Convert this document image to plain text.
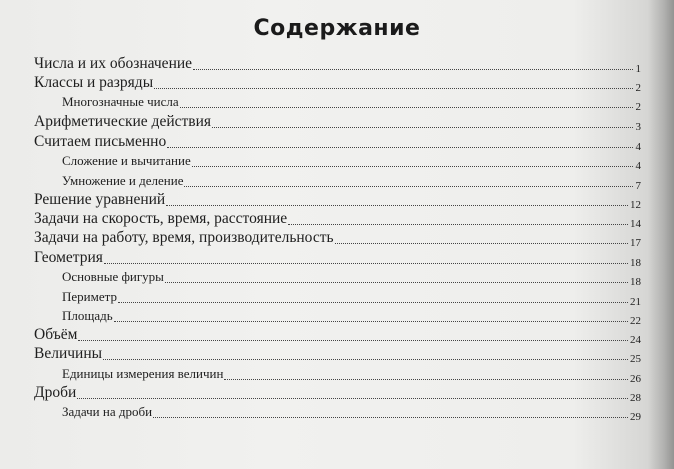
Содержание
Числа и их обозначение	1
Классы и разряды	2
Многозначные числа	2
Арифметические действия	3
Считаем письменно	4
Сложение и вычитание	4
Умножение и деление	7
Решение уравнений	12
Задачи на скорость, время, расстояние	14
Задачи на работу, время, производительность	17
Геометрия	18
Основные фигуры	18
Периметр	21
Площадь	22
Объём	24
Величины	25
Единицы измерения величин	26
Дроби	28
Задачи на дроби	29
